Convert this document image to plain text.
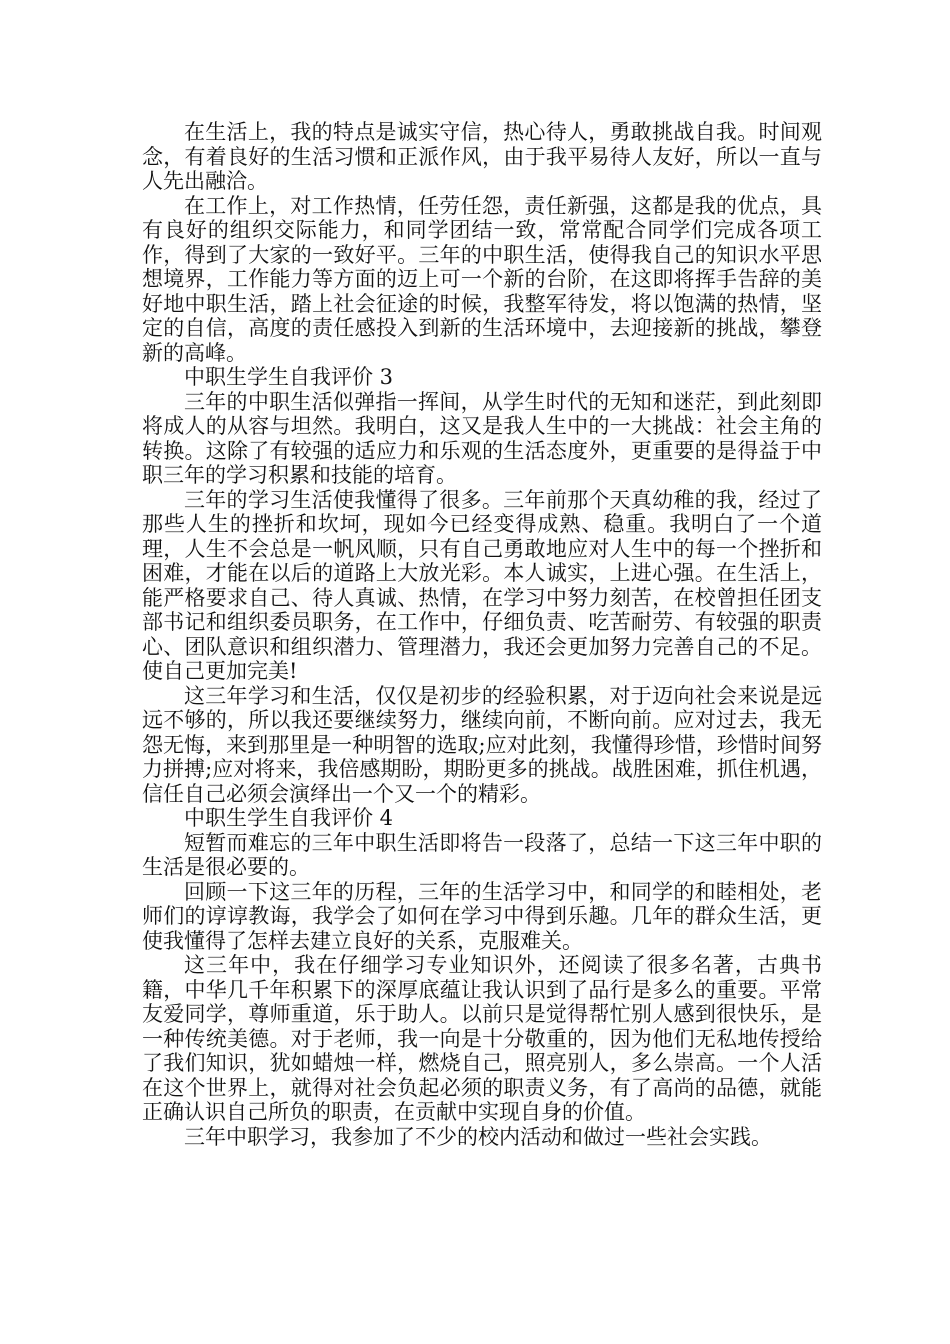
在生活上，我的特点是诚实守信，热心待人，勇敢挑战自我。时间观念，有着良好的生活习惯和正派作风，由于我平易待人友好，所以一直与人先出融洽。

在工作上，对工作热情，任劳任怨，责任新强，这都是我的优点，具有良好的组织交际能力，和同学团结一致，常常配合同学们完成各项工作，得到了大家的一致好平。三年的中职生活，使得我自己的知识水平思想境界，工作能力等方面的迈上可一个新的台阶，在这即将挥手告辞的美好地中职生活，踏上社会征途的时候，我整军待发，将以饱满的热情，坚定的自信，高度的责任感投入到新的生活环境中，去迎接新的挑战，攀登新的高峰。

中职生学生自我评价 3

三年的中职生活似弹指一挥间，从学生时代的无知和迷茫，到此刻即将成人的从容与坦然。我明白，这又是我人生中的一大挑战：社会主角的转换。这除了有较强的适应力和乐观的生活态度外，更重要的是得益于中职三年的学习积累和技能的培育。

三年的学习生活使我懂得了很多。三年前那个天真幼稚的我，经过了那些人生的挫折和坎坷，现如今已经变得成熟、稳重。我明白了一个道理，人生不会总是一帆风顺，只有自己勇敢地应对人生中的每一个挫折和困难，才能在以后的道路上大放光彩。本人诚实，上进心强。在生活上，能严格要求自己、待人真诚、热情，在学习中努力刻苦，在校曾担任团支部书记和组织委员职务，在工作中，仔细负责、吃苦耐劳、有较强的职责心、团队意识和组织潜力、管理潜力，我还会更加努力完善自己的不足。使自己更加完美!

这三年学习和生活，仅仅是初步的经验积累，对于迈向社会来说是远远不够的，所以我还要继续努力，继续向前，不断向前。应对过去，我无怨无悔，来到那里是一种明智的选取;应对此刻，我懂得珍惜，珍惜时间努力拼搏;应对将来，我倍感期盼，期盼更多的挑战。战胜困难，抓住机遇，信任自己必须会演绎出一个又一个的精彩。

中职生学生自我评价 4

短暂而难忘的三年中职生活即将告一段落了，总结一下这三年中职的生活是很必要的。

回顾一下这三年的历程，三年的生活学习中，和同学的和睦相处，老师们的谆谆教诲，我学会了如何在学习中得到乐趣。几年的群众生活，更使我懂得了怎样去建立良好的关系，克服难关。

这三年中，我在仔细学习专业知识外，还阅读了很多名著，古典书籍，中华几千年积累下的深厚底蕴让我认识到了品行是多么的重要。平常友爱同学，尊师重道，乐于助人。以前只是觉得帮忙别人感到很快乐，是一种传统美德。对于老师，我一向是十分敬重的，因为他们无私地传授给了我们知识，犹如蜡烛一样，燃烧自己，照亮别人，多么崇高。一个人活在这个世界上，就得对社会负起必须的职责义务，有了高尚的品德，就能正确认识自己所负的职责，在贡献中实现自身的价值。

三年中职学习，我参加了不少的校内活动和做过一些社会实践。
